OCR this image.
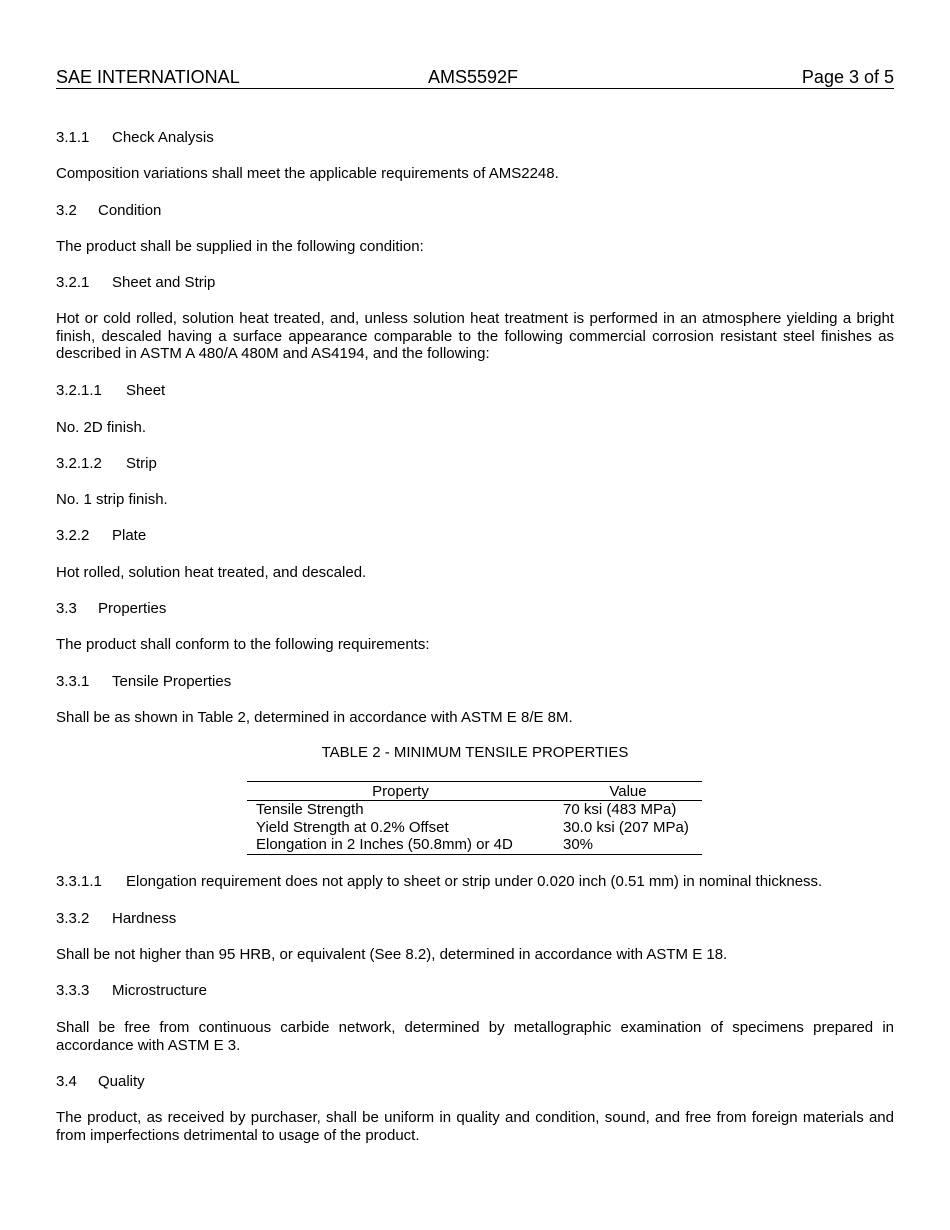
SAE INTERNATIONAL	AMS5592F	Page 3 of 5
3.1.1 Check Analysis
Composition variations shall meet the applicable requirements of AMS2248.
3.2 Condition
The product shall be supplied in the following condition:
3.2.1 Sheet and Strip
Hot or cold rolled, solution heat treated, and, unless solution heat treatment is performed in an atmosphere yielding a bright finish, descaled having a surface appearance comparable to the following commercial corrosion resistant steel finishes as described in ASTM A 480/A 480M and AS4194, and the following:
3.2.1.1 Sheet
No. 2D finish.
3.2.1.2 Strip
No. 1 strip finish.
3.2.2 Plate
Hot rolled, solution heat treated, and descaled.
3.3 Properties
The product shall conform to the following requirements:
3.3.1 Tensile Properties
Shall be as shown in Table 2, determined in accordance with ASTM E 8/E 8M.
TABLE 2 - MINIMUM TENSILE PROPERTIES
Property	Value
Tensile Strength	70 ksi (483 MPa)
Yield Strength at 0.2% Offset	30.0 ksi (207 MPa)
Elongation in 2 Inches (50.8mm) or 4D	30%
3.3.1.1 Elongation requirement does not apply to sheet or strip under 0.020 inch (0.51 mm) in nominal thickness.
3.3.2 Hardness
Shall be not higher than 95 HRB, or equivalent (See 8.2), determined in accordance with ASTM E 18.
3.3.3 Microstructure
Shall be free from continuous carbide network, determined by metallographic examination of specimens prepared in accordance with ASTM E 3.
3.4 Quality
The product, as received by purchaser, shall be uniform in quality and condition, sound, and free from foreign materials and from imperfections detrimental to usage of the product.
